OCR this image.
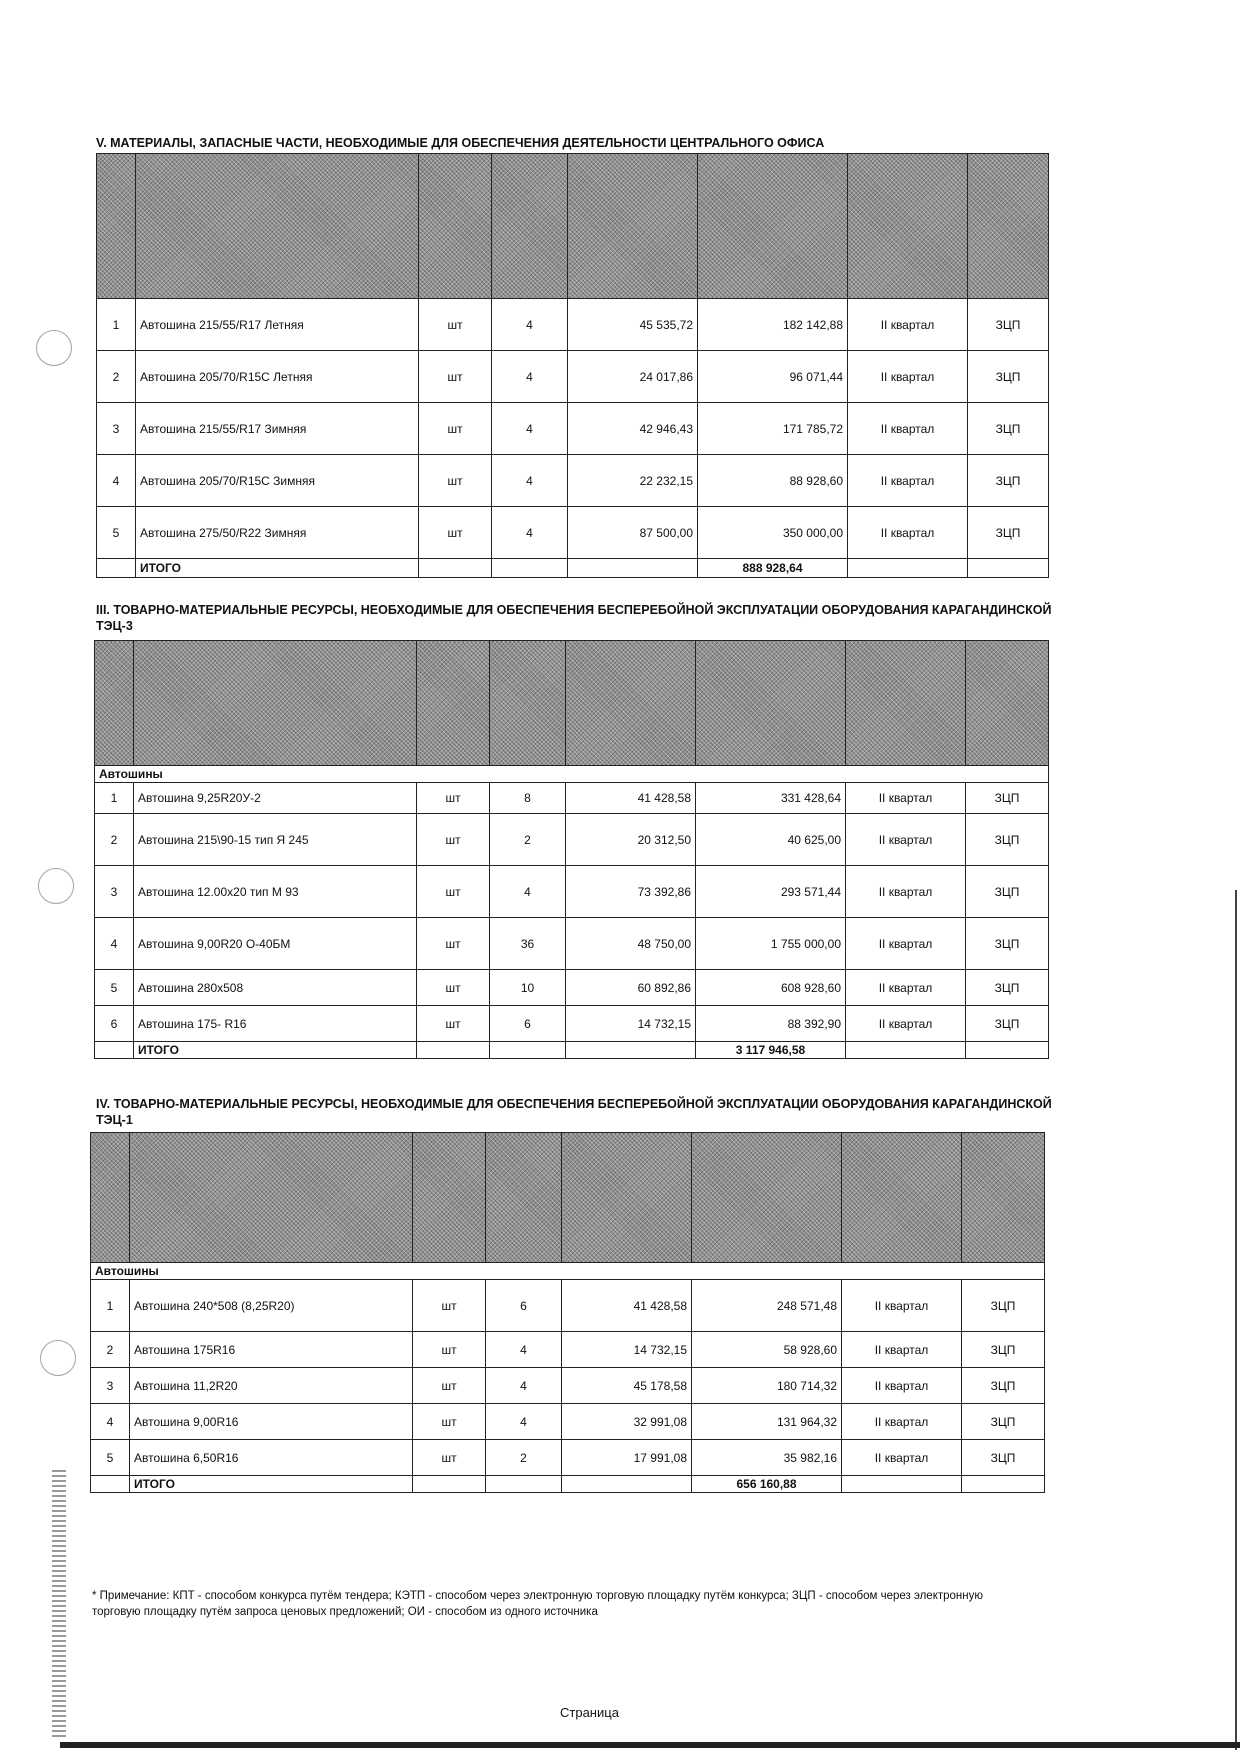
V. МАТЕРИАЛЫ, ЗАПАСНЫЕ ЧАСТИ, НЕОБХОДИМЫЕ ДЛЯ ОБЕСПЕЧЕНИЯ ДЕЯТЕЛЬНОСТИ ЦЕНТРАЛЬНОГО ОФИСА

1	Автошина 215/55/R17 Летняя	шт	4	45 535,72	182 142,88	II квартал	ЗЦП
2	Автошина 205/70/R15C Летняя	шт	4	24 017,86	96 071,44	II квартал	ЗЦП
3	Автошина 215/55/R17 Зимняя	шт	4	42 946,43	171 785,72	II квартал	ЗЦП
4	Автошина 205/70/R15C Зимняя	шт	4	22 232,15	88 928,60	II квартал	ЗЦП
5	Автошина 275/50/R22 Зимняя	шт	4	87 500,00	350 000,00	II квартал	ЗЦП
	ИТОГО				888 928,64		
III. ТОВАРНО-МАТЕРИАЛЬНЫЕ РЕСУРСЫ, НЕОБХОДИМЫЕ ДЛЯ ОБЕСПЕЧЕНИЯ БЕСПЕРЕБОЙНОЙ ЭКСПЛУАТАЦИИ ОБОРУДОВАНИЯ КАРАГАНДИНСКОЙ ТЭЦ-3

Автошины							
1	Автошина 9,25R20У-2	шт	8	41 428,58	331 428,64	II квартал	ЗЦП
2	Автошина 215\90-15 тип Я 245	шт	2	20 312,50	40 625,00	II квартал	ЗЦП
3	Автошина 12.00x20 тип М 93	шт	4	73 392,86	293 571,44	II квартал	ЗЦП
4	Автошина 9,00R20 О-40БМ	шт	36	48 750,00	1 755 000,00	II квартал	ЗЦП
5	Автошина 280x508	шт	10	60 892,86	608 928,60	II квартал	ЗЦП
6	Автошина 175- R16	шт	6	14 732,15	88 392,90	II квартал	ЗЦП
	ИТОГО				3 117 946,58		
IV. ТОВАРНО-МАТЕРИАЛЬНЫЕ РЕСУРСЫ, НЕОБХОДИМЫЕ ДЛЯ ОБЕСПЕЧЕНИЯ БЕСПЕРЕБОЙНОЙ ЭКСПЛУАТАЦИИ ОБОРУДОВАНИЯ КАРАГАНДИНСКОЙ ТЭЦ-1

Автошины							
1	Автошина 240*508 (8,25R20)	шт	6	41 428,58	248 571,48	II квартал	ЗЦП
2	Автошина 175R16	шт	4	14 732,15	58 928,60	II квартал	ЗЦП
3	Автошина 11,2R20	шт	4	45 178,58	180 714,32	II квартал	ЗЦП
4	Автошина 9,00R16	шт	4	32 991,08	131 964,32	II квартал	ЗЦП
5	Автошина 6,50R16	шт	2	17 991,08	35 982,16	II квартал	ЗЦП
	ИТОГО				656 160,88		
* Примечание: КПТ - способом конкурса путём тендера; КЭТП - способом через электронную торговую площадку путём конкурса; ЗЦП - способом через электронную торговую площадку путём запроса ценовых предложений; ОИ - способом из одного источника
Страница
